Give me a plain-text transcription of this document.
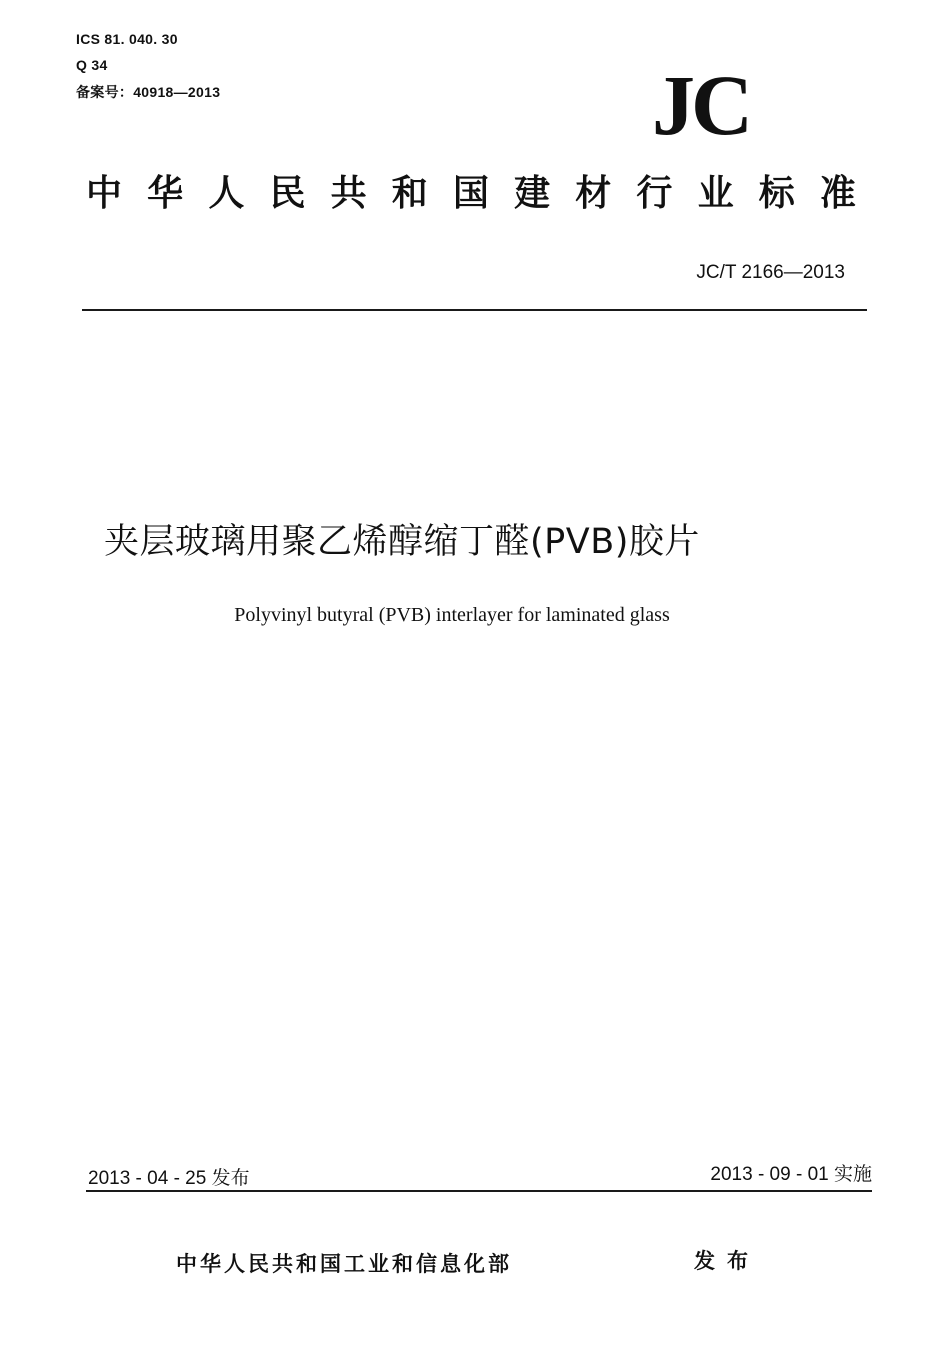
ICS 81. 040. 30
Q 34
备案号：40918—2013	JC
中 华 人 民 共 和 国 建 材 行 业 标 准
JC/T 2166—2013
夹层玻璃用聚乙烯醇缩丁醛(PVB)胶片
Polyvinyl butyral (PVB) interlayer for laminated glass
2013 - 04 - 25 发布	2013 - 09 - 01 实施
中华人民共和国工业和信息化部	发布
